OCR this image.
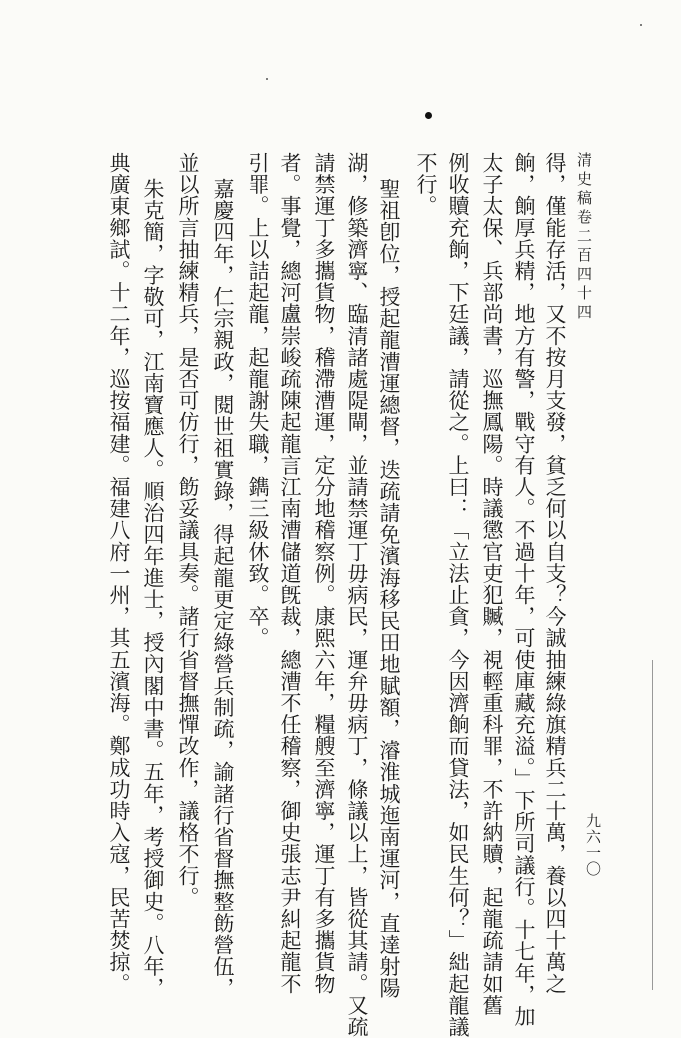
清史稿卷二百四十四
九六一〇
得，僅能存活，又不按月支發，貧乏何以自支？今誠抽練綠旗精兵二十萬，養以四十萬之
餉，餉厚兵精，地方有警，戰守有人。不過十年，可使庫藏充溢。」下所司議行。十七年，加
太子太保、兵部尚書，巡撫鳳陽。時議懲官吏犯贓，視輕重科罪，不許納贖，起龍疏請如舊
例收贖充餉，下廷議，請從之。上曰：「立法止貪，今因濟餉而貸法，如民生何？」絀起龍議
不行。
聖祖卽位，授起龍漕運總督，迭疏請免濱海移民田地賦額，濬淮城迤南運河，直達射陽
湖，修築濟寧、臨清諸處隄閘，並請禁運丁毋病民，運弁毋病丁，條議以上，皆從其請。又疏
請禁運丁多攜貨物，稽滯漕運，定分地稽察例。康熙六年，糧艘至濟寧，運丁有多攜貨物
者。事覺，總河盧崇峻疏陳起龍言江南漕儲道旣裁，總漕不任稽察，御史張志尹糾起龍不
引罪。上以詰起龍，起龍謝失職，鐫三級休致。卒。
嘉慶四年，仁宗親政，閱世祖實錄，得起龍更定綠營兵制疏，諭諸行省督撫整飭營伍，
並以所言抽練精兵，是否可仿行，飭妥議具奏。諸行省督撫憚改作，議格不行。
朱克簡，字敬可，江南寶應人。順治四年進士，授內閣中書。五年，考授御史。八年，
典廣東鄉試。十二年，巡按福建。福建八府一州，其五濱海。鄭成功時入寇，民苦焚掠。
